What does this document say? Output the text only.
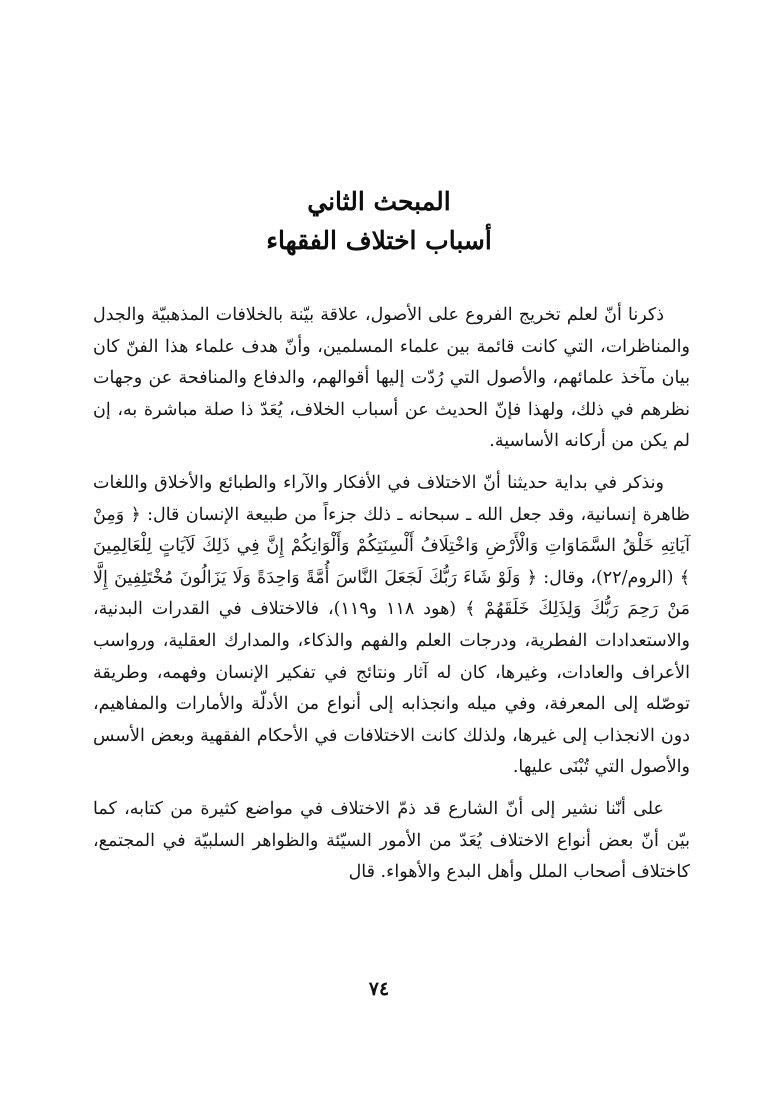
المبحث الثاني
أسباب اختلاف الفقهاء

ذكرنا أنّ لعلم تخريج الفروع على الأصول، علاقة بيّنة بالخلافات المذهبيّة والجدل والمناظرات، التي كانت قائمة بين علماء المسلمين، وأنّ هدف علماء هذا الفنّ كان بيان مآخذ علمائهم، والأصول التي رُدّت إليها أقوالهم، والدفاع والمنافحة عن وجهات نظرهم في ذلك، ولهذا فإنّ الحديث عن أسباب الخلاف، يُعَدّ ذا صلة مباشرة به، إن لم يكن من أركانه الأساسية.

ونذكر في بداية حديثنا أنّ الاختلاف في الأفكار والآراء والطبائع والأخلاق واللغات ظاهرة إنسانية، وقد جعل الله ـ سبحانه ـ ذلك جزءاً من طبيعة الإنسان قال: ﴿ وَمِنْ آيَاتِهِ خَلْقُ السَّمَاوَاتِ وَالْأَرْضِ وَاخْتِلَافُ أَلْسِنَتِكُمْ وَأَلْوَانِكُمْ إِنَّ فِي ذَلِكَ لَآيَاتٍ لِلْعَالِمِينَ ﴾ (الروم/٢٢)، وقال: ﴿ وَلَوْ شَاءَ رَبُّكَ لَجَعَلَ النَّاسَ أُمَّةً وَاحِدَةً وَلَا يَزَالُونَ مُخْتَلِفِينَ إِلَّا مَنْ رَحِمَ رَبُّكَ وَلِذَلِكَ خَلَقَهُمْ ﴾ (هود ١١٨ و١١٩)، فالاختلاف في القدرات البدنية، والاستعدادات الفطرية، ودرجات العلم والفهم والذكاء، والمدارك العقلية، ورواسب الأعراف والعادات، وغيرها، كان له آثار ونتائج في تفكير الإنسان وفهمه، وطريقة توصّله إلى المعرفة، وفي ميله وانجذابه إلى أنواع من الأدلّة والأمارات والمفاهيم، دون الانجذاب إلى غيرها، ولذلك كانت الاختلافات في الأحكام الفقهية وبعض الأسس والأصول التي تُبْنَى عليها.

على أنّنا نشير إلى أنّ الشارع قد ذمّ الاختلاف في مواضع كثيرة من كتابه، كما بيّن أنّ بعض أنواع الاختلاف يُعَدّ من الأمور السيّئة والظواهر السلبيّة في المجتمع، كاختلاف أصحاب الملل وأهل البدع والأهواء. قال

٧٤
